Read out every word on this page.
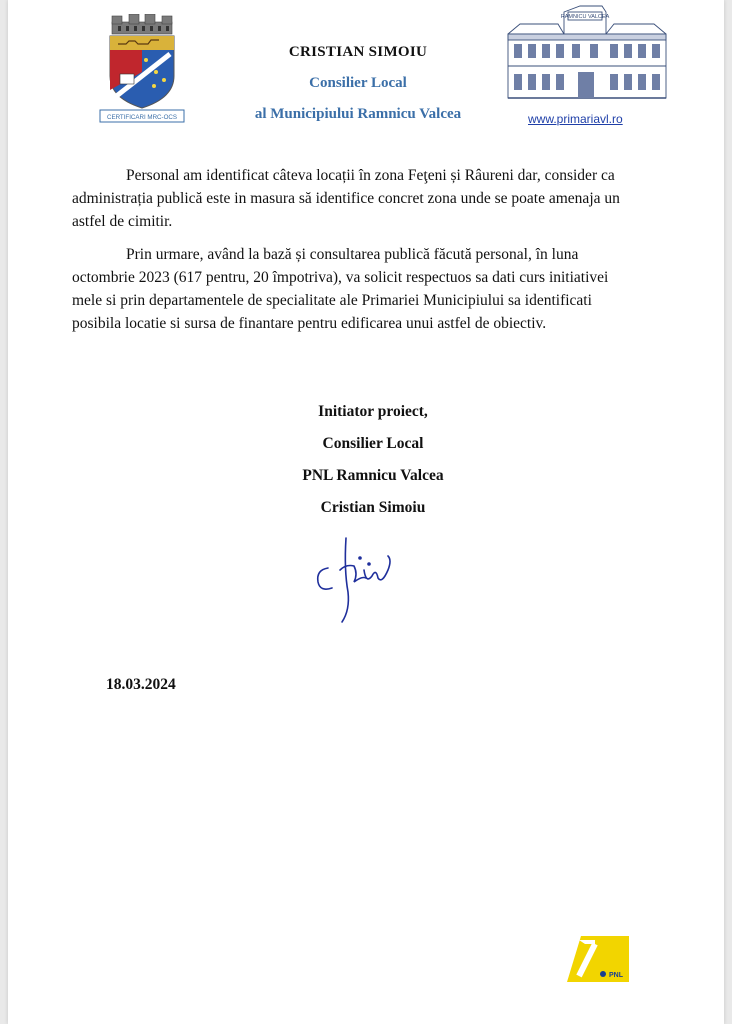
CERTIFICARI MRC-OCS
CRISTIAN SIMOIU
Consilier Local
al Municipiului Ramnicu Valcea
RAMNICU VALCEA
www.primariavl.ro

Personal am identificat câteva locații în zona Feţeni și Râureni dar, consider ca administrația publică este in masura să identifice concret zona unde se poate amenaja un astfel de cimitir.

Prin urmare, având la bază și consultarea publică făcută personal, în luna octombrie 2023 (617 pentru, 20 împotriva), va solicit respectuos sa dati curs initiativei mele si prin departamentele de specialitate ale Primariei Municipiului sa identificati posibila locatie si sursa de finantare pentru edificarea unui astfel de obiectiv.

Initiator proiect,
Consilier Local
PNL Ramnicu Valcea
Cristian Simoiu
18.03.2024
PNL
